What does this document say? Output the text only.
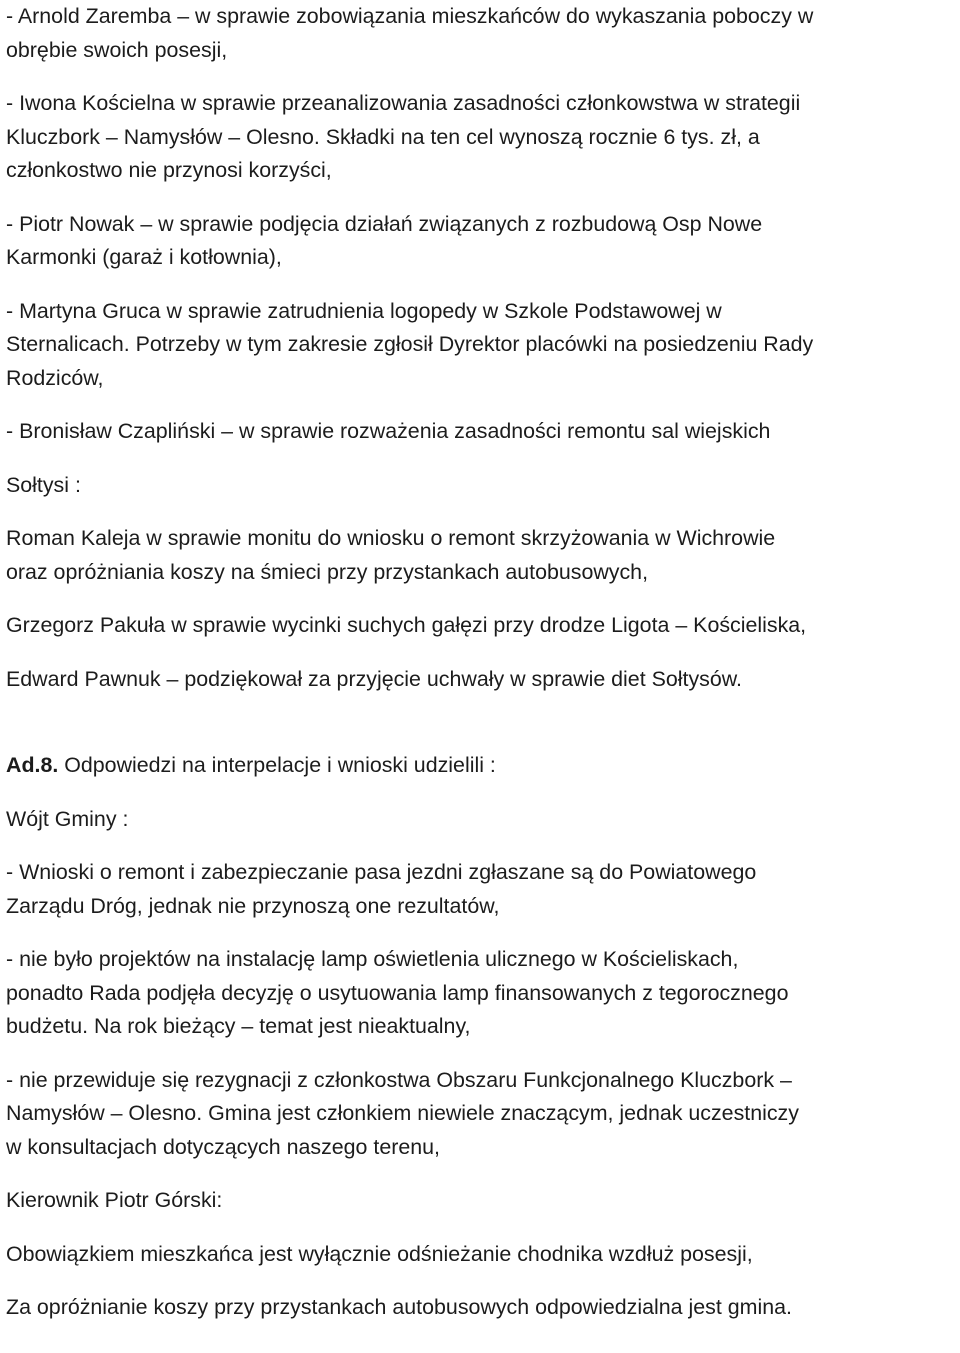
- Arnold Zaremba – w sprawie zobowiązania mieszkańców do wykaszania poboczy w
obrębie swoich posesji,

- Iwona Kościelna w sprawie przeanalizowania zasadności członkowstwa w strategii
Kluczbork – Namysłów – Olesno. Składki na ten cel wynoszą rocznie 6 tys. zł, a
członkostwo nie przynosi korzyści,

- Piotr Nowak – w sprawie podjęcia działań związanych z rozbudową Osp Nowe
Karmonki (garaż i kotłownia),

- Martyna Gruca w sprawie zatrudnienia logopedy w Szkole Podstawowej w
Sternalicach. Potrzeby w tym zakresie zgłosił Dyrektor placówki na posiedzeniu Rady
Rodziców,

- Bronisław Czapliński – w sprawie rozważenia zasadności remontu sal wiejskich

Sołtysi :

Roman Kaleja w sprawie monitu do wniosku o remont skrzyżowania w Wichrowie
oraz opróżniania koszy na śmieci przy przystankach autobusowych,

Grzegorz Pakuła w sprawie wycinki suchych gałęzi przy drodze Ligota – Kościeliska,

Edward Pawnuk – podziękował za przyjęcie uchwały w sprawie diet Sołtysów.

Ad.8. Odpowiedzi na interpelacje i wnioski udzielili :

Wójt Gminy :

- Wnioski o remont i zabezpieczanie pasa jezdni zgłaszane są do Powiatowego
Zarządu Dróg, jednak nie przynoszą one rezultatów,

- nie było projektów na instalację lamp oświetlenia ulicznego w Kościeliskach,
ponadto Rada podjęła decyzję o usytuowania lamp finansowanych z tegorocznego
budżetu. Na rok bieżący – temat jest nieaktualny,

- nie przewiduje się rezygnacji z członkostwa Obszaru Funkcjonalnego Kluczbork –
Namysłów – Olesno. Gmina jest członkiem niewiele znaczącym, jednak uczestniczy
w konsultacjach dotyczących naszego terenu,

Kierownik Piotr Górski:

Obowiązkiem mieszkańca jest wyłącznie odśnieżanie chodnika wzdłuż posesji,

Za opróżnianie koszy przy przystankach autobusowych odpowiedzialna jest gmina.
